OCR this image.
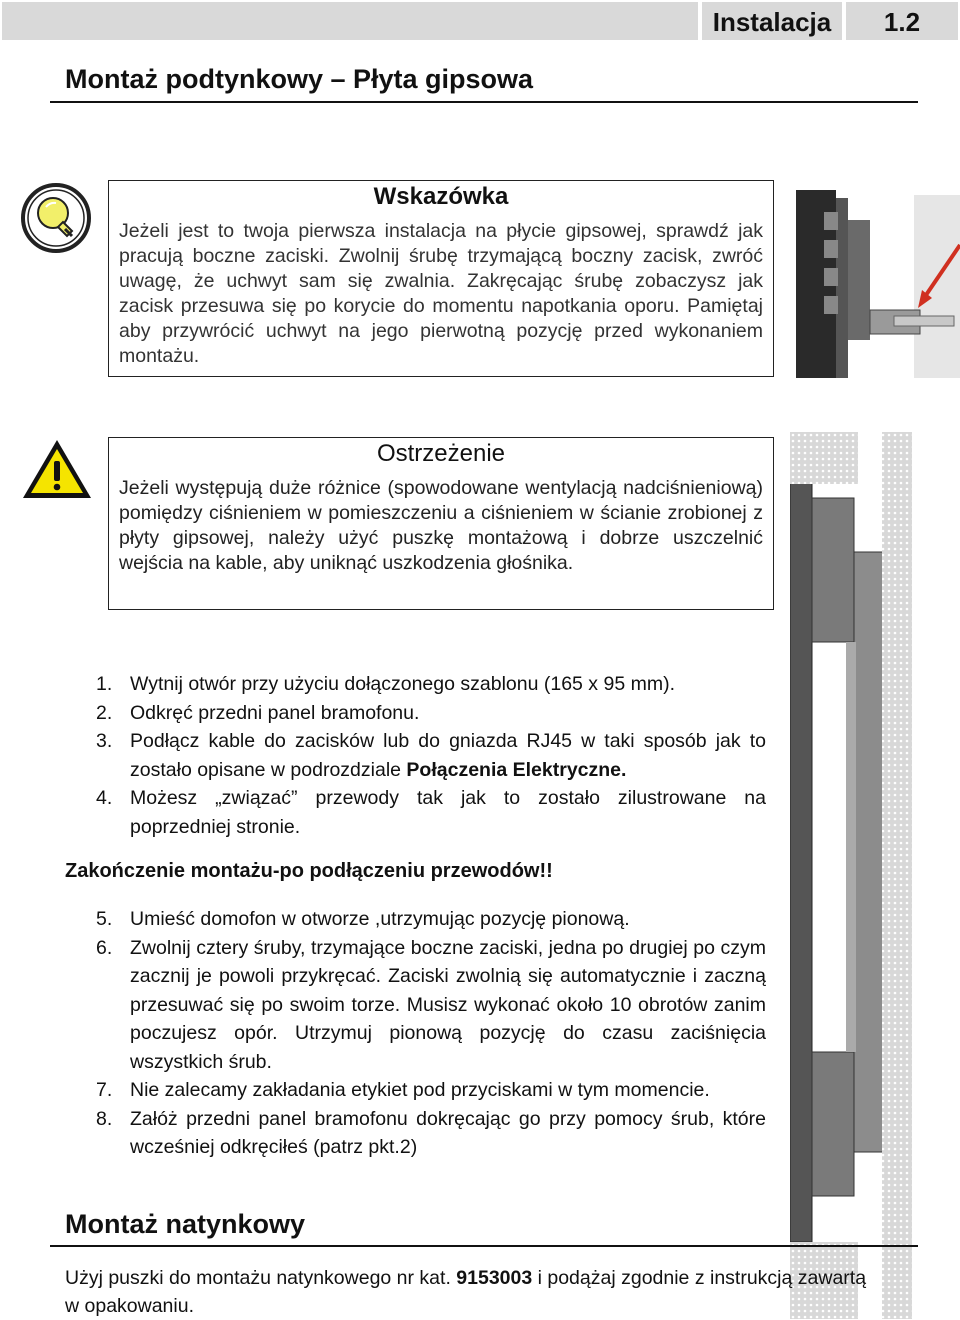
Instalacja	1.2
Montaż podtynkowy – Płyta gipsowa
Wskazówka
Jeżeli jest to twoja pierwsza instalacja na płycie gipsowej, sprawdź jak pracują boczne zaciski. Zwolnij śrubę trzymającą boczny zacisk, zwróć uwagę, że uchwyt sam się zwalnia. Zakręcając śrubę zobaczysz jak zacisk przesuwa się po korycie do momentu napotkania oporu. Pamiętaj aby przywrócić uchwyt na jego pierwotną pozycję przed wykonaniem montażu.
Ostrzeżenie
Jeżeli występują duże różnice (spowodowane wentylacją nadciśnieniową) pomiędzy ciśnieniem w pomieszczeniu a ciśnieniem w ścianie zrobionej z płyty gipsowej, należy użyć puszkę montażową i dobrze uszczelnić wejścia na kable, aby uniknąć uszkodzenia głośnika.
1. Wytnij otwór przy użyciu dołączonego szablonu (165 x 95 mm).
2. Odkręć przedni panel bramofonu.
3. Podłącz kable do zacisków lub do gniazda RJ45 w taki sposób jak to zostało opisane w podrozdziale Połączenia Elektryczne.
4. Możesz „związać” przewody tak jak to zostało zilustrowane na poprzedniej stronie.
Zakończenie montażu-po podłączeniu przewodów!!
5. Umieść domofon w otworze ,utrzymując pozycję pionową.
6. Zwolnij cztery śruby, trzymające boczne zaciski, jedna po drugiej po czym zacznij je powoli przykręcać. Zaciski zwolnią się automatycznie i zaczną przesuwać się po swoim torze. Musisz wykonać około 10 obrotów zanim poczujesz opór. Utrzymuj pionową pozycję do czasu zaciśnięcia wszystkich śrub.
7. Nie zalecamy zakładania etykiet pod przyciskami w tym momencie.
8. Załóż przedni panel bramofonu dokręcając go przy pomocy śrub, które wcześniej odkręciłeś (patrz pkt.2)
Montaż natynkowy
Użyj puszki do montażu natynkowego nr kat. 9153003 i podążaj zgodnie z instrukcją zawartą w opakowaniu.
